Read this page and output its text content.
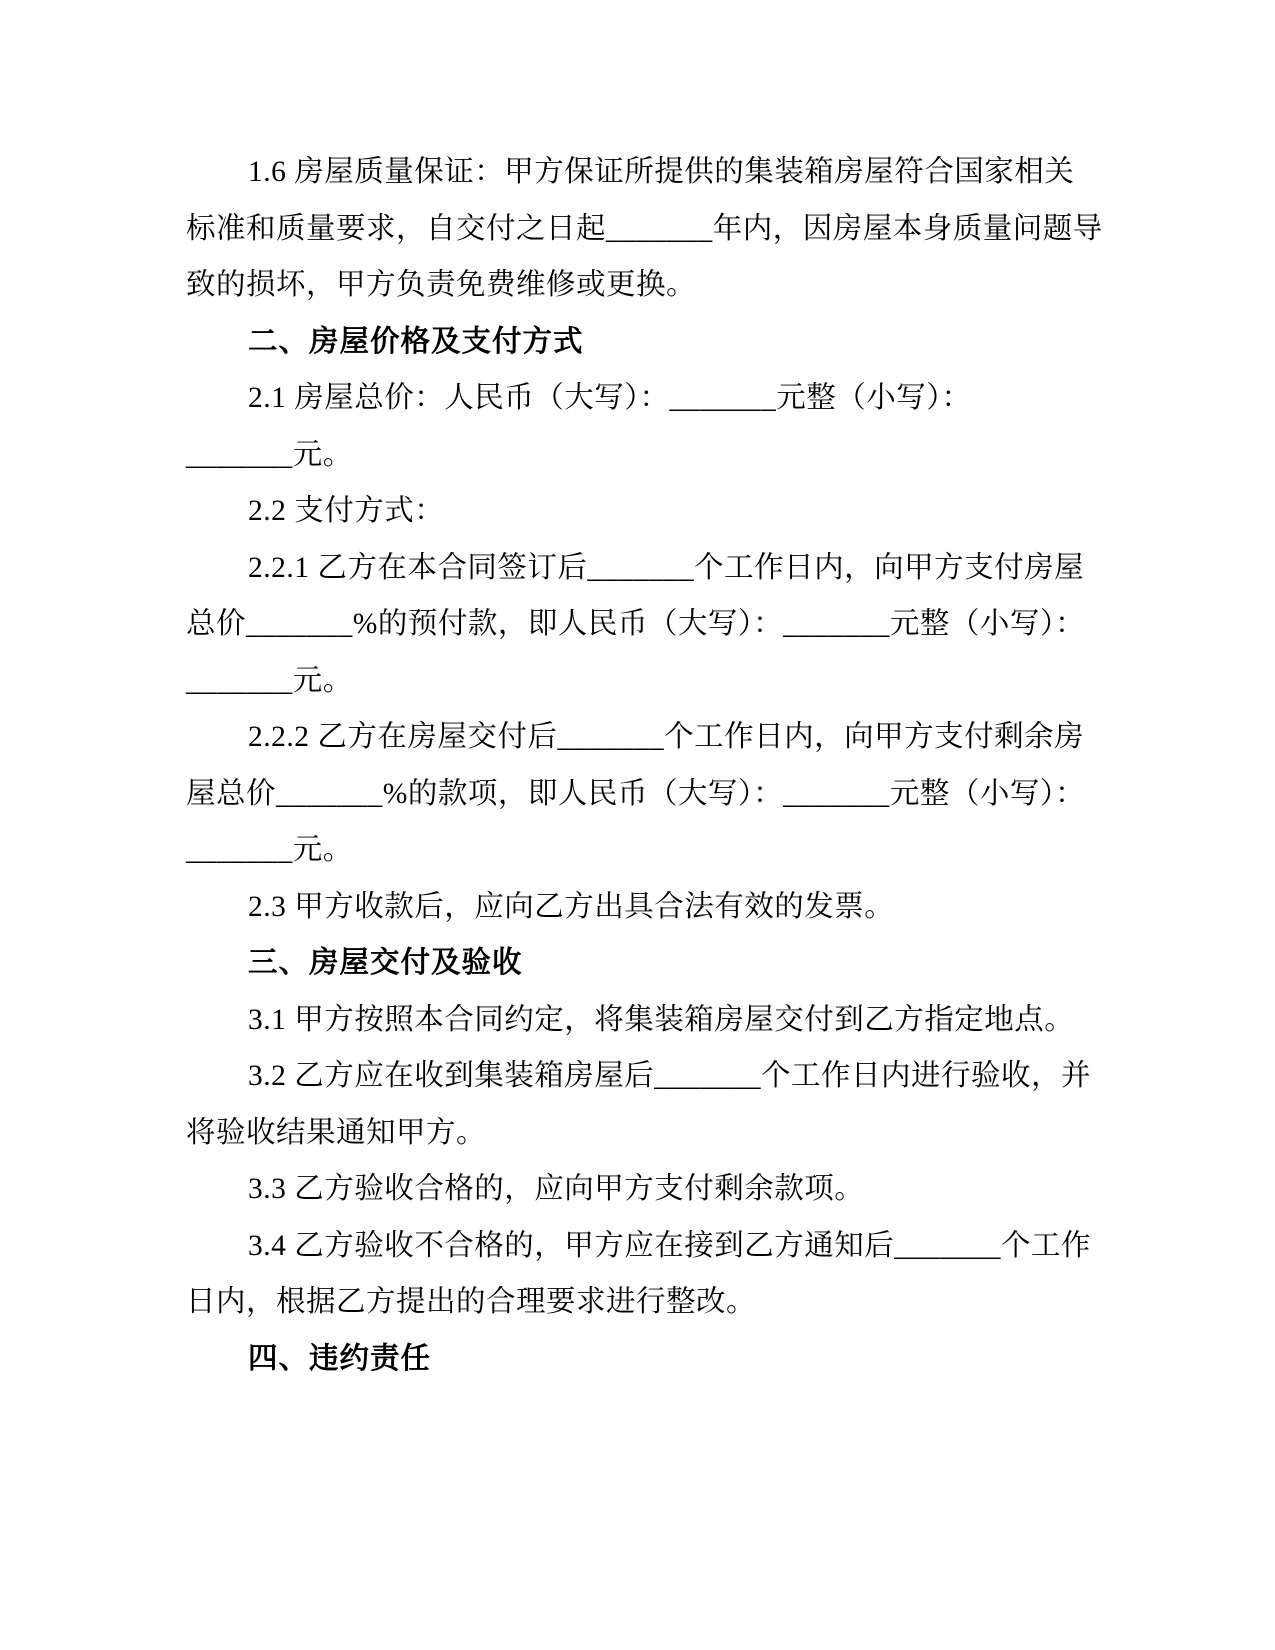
1.6 房屋质量保证：甲方保证所提供的集装箱房屋符合国家相关
标准和质量要求，自交付之日起_______年内，因房屋本身质量问题导
致的损坏，甲方负责免费维修或更换。
二、房屋价格及支付方式
2.1 房屋总价：人民币（大写）：_______元整（小写）：
_______元。
2.2 支付方式：
2.2.1 乙方在本合同签订后_______个工作日内，向甲方支付房屋
总价_______%的预付款，即人民币（大写）：_______元整（小写）：
_______元。
2.2.2 乙方在房屋交付后_______个工作日内，向甲方支付剩余房
屋总价_______%的款项，即人民币（大写）：_______元整（小写）：
_______元。
2.3 甲方收款后，应向乙方出具合法有效的发票。
三、房屋交付及验收
3.1 甲方按照本合同约定，将集装箱房屋交付到乙方指定地点。
3.2 乙方应在收到集装箱房屋后_______个工作日内进行验收，并
将验收结果通知甲方。
3.3 乙方验收合格的，应向甲方支付剩余款项。
3.4 乙方验收不合格的，甲方应在接到乙方通知后_______个工作
日内，根据乙方提出的合理要求进行整改。
四、违约责任
